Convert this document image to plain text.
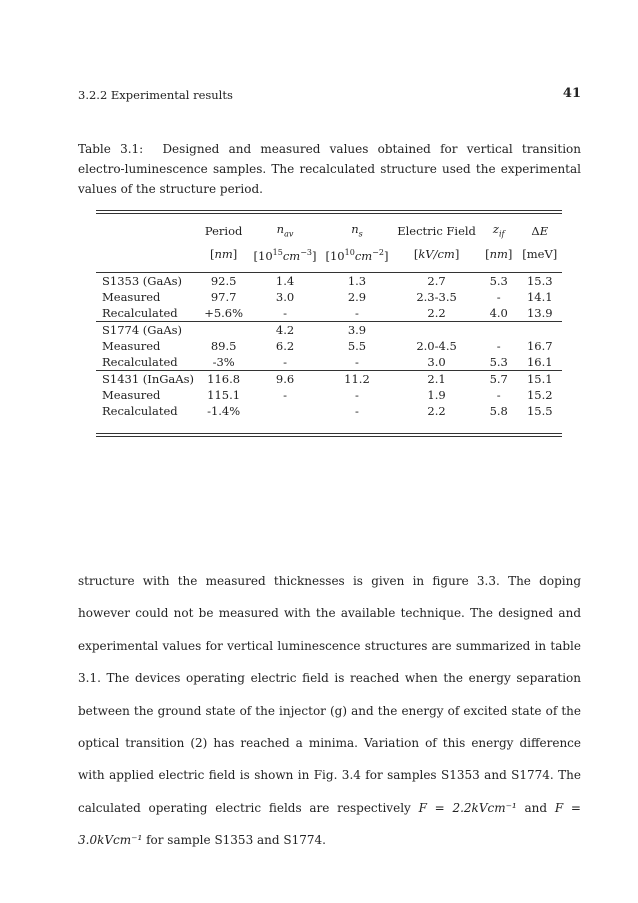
3.2.2 Experimental results	41
Table 3.1: Designed and measured values obtained for vertical transition electro-luminescence samples. The recalculated structure used the experimental values of the structure period.

	Period	$n_{av}$	$n_s$	Electric Field	$z_{if}$	ΔE
	[nm]	$[10^{15}cm^{-3}]$	$[10^{10}cm^{-2}]$	[kV/cm]	[nm]	[meV]

S1353 (GaAs)	92.5	1.4	1.3	2.7	5.3	15.3
Measured	97.7	3.0	2.9	2.3-3.5	-	14.1
Recalculated	+5.6%	-	-	2.2	4.0	13.9
S1774 (GaAs)		4.2	3.9			
Measured	89.5	6.2	5.5	2.0-4.5	-	16.7
Recalculated	-3%	-	-	3.0	5.3	16.1
S1431 (InGaAs)	116.8	9.6	11.2	2.1	5.7	15.1
Measured	115.1	-	-	1.9	-	15.2
Recalculated	-1.4%		-	2.2	5.8	15.5

structure with the measured thicknesses is given in figure 3.3. The doping however could not be measured with the available technique. The designed and experimental values for vertical luminescence structures are summarized in table 3.1. The devices operating electric field is reached when the energy separation between the ground state of the injector (g) and the energy of excited state of the optical transition (2) has reached a minima. Variation of this energy difference with applied electric field is shown in Fig. 3.4 for samples S1353 and S1774. The calculated operating electric fields are respectively F = 2.2kVcm⁻¹ and F = 3.0kVcm⁻¹ for sample S1353 and S1774.
